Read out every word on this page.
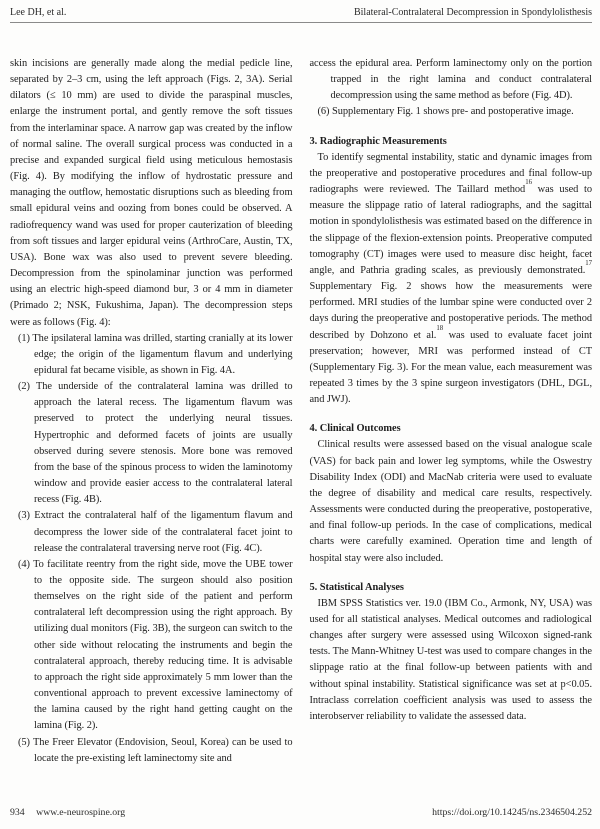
Lee DH, et al.	Bilateral-Contralateral Decompression in Spondylolisthesis

skin incisions are generally made along the medial pedicle line, separated by 2–3 cm, using the left approach (Figs. 2, 3A). Serial dilators (≤ 10 mm) are used to divide the paraspinal muscles, enlarge the instrument portal, and gently remove the soft tissues from the interlaminar space. A narrow gap was created by the inflow of normal saline. The overall surgical process was conducted in a precise and expanded surgical field using meticulous hemostasis (Fig. 4). By modifying the inflow of hydrostatic pressure and managing the outflow, hemostatic disruptions such as bleeding from small epidural veins and oozing from bones could be observed. A radiofrequency wand was used for proper cauterization of bleeding from soft tissues and larger epidural veins (ArthroCare, Austin, TX, USA). Bone wax was also used to prevent severe bleeding. Decompression from the spinolaminar junction was performed using an electric high-speed diamond bur, 3 or 4 mm in diameter (Primado 2; NSK, Fukushima, Japan). The decompression steps were as follows (Fig. 4):

(1) The ipsilateral lamina was drilled, starting cranially at its lower edge; the origin of the ligamentum flavum and underlying epidural fat became visible, as shown in Fig. 4A.
(2) The underside of the contralateral lamina was drilled to approach the lateral recess. The ligamentum flavum was preserved to protect the underlying neural tissues. Hypertrophic and deformed facets of joints are usually observed during severe stenosis. More bone was removed from the base of the spinous process to widen the laminotomy window and provide easier access to the contralateral lateral recess (Fig. 4B).
(3) Extract the contralateral half of the ligamentum flavum and decompress the lower side of the contralateral facet joint to release the contralateral traversing nerve root (Fig. 4C).
(4) To facilitate reentry from the right side, move the UBE tower to the opposite side. The surgeon should also position themselves on the right side of the patient and perform contralateral left decompression using the right approach. By utilizing dual monitors (Fig. 3B), the surgeon can switch to the other side without relocating the instruments and begin the contralateral approach, thereby reducing time. It is advisable to approach the right side approximately 5 mm lower than the conventional approach to prevent excessive laminectomy of the lamina caused by the right hand getting caught on the lamina (Fig. 2).
(5) The Freer Elevator (Endovision, Seoul, Korea) can be used to locate the pre-existing left laminectomy site and

access the epidural area. Perform laminectomy only on the portion trapped in the right lamina and conduct contralateral decompression using the same method as before (Fig. 4D).

(6) Supplementary Fig. 1 shows pre- and postoperative image.
3. Radiographic Measurements

To identify segmental instability, static and dynamic images from the preoperative and postoperative procedures and final follow-up radiographs were reviewed. The Taillard method$^{16}$ was used to measure the slippage ratio of lateral radiographs, and the sagittal motion in spondylolisthesis was estimated based on the difference in the slippage of the flexion-extension points. Preoperative computed tomography (CT) images were used to measure disc height, facet angle, and Pathria grading scales, as previously demonstrated.$^{17}$ Supplementary Fig. 2 shows how the measurements were performed. MRI studies of the lumbar spine were conducted over 2 days during the preoperative and postoperative periods. The method described by Dohzono et al.$^{18}$ was used to evaluate facet joint preservation; however, MRI was performed instead of CT (Supplementary Fig. 3). For the mean value, each measurement was repeated 3 times by the 3 spine surgeon investigators (DHL, DGL, and JWJ).

4. Clinical Outcomes

Clinical results were assessed based on the visual analogue scale (VAS) for back pain and lower leg symptoms, while the Oswestry Disability Index (ODI) and MacNab criteria were used to evaluate the degree of disability and medical care results, respectively. Assessments were conducted during the preoperative, postoperative, and final follow-up periods. In the case of complications, medical charts were carefully examined. Operation time and length of hospital stay were also included.

5. Statistical Analyses

IBM SPSS Statistics ver. 19.0 (IBM Co., Armonk, NY, USA) was used for all statistical analyses. Medical outcomes and radiological changes after surgery were assessed using Wilcoxon signed-rank tests. The Mann-Whitney U-test was used to compare changes in the slippage ratio at the final follow-up between patients with and without spinal instability. Statistical significance was set at p<0.05. Intraclass correlation coefficient analysis was used to assess the interobserver reliability to validate the assessed data.

934 www.e-neurospine.org	https://doi.org/10.14245/ns.2346504.252
